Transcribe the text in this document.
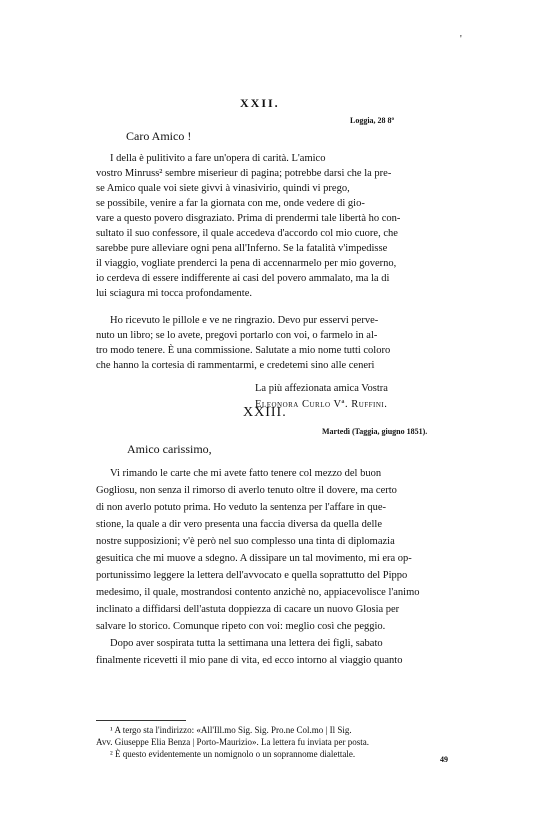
'
XXII.
Loggia, 28 8º
Caro Amico !
I della è pulitivito a fare un'opera di carità. L'amico
vostro Minruss² sembre miserieur di pagina; potrebbe darsi che la pre-
se Amico quale voi siete givvi à vinasivirio, quindi vi prego,
se possibile, venire a far la giornata con me, onde vedere di gio-
vare a questo povero disgraziato. Prima di prendermi tale libertà ho con-
sultato il suo confessore, il quale accedeva d'accordo col mio cuore, che
sarebbe pure alleviare ogni pena all'Inferno. Se la fatalità v'impedisse
il viaggio, vogliate prenderci la pena di accennarmelo per mio governo,
io cerdeva di essere indifferente ai casi del povero ammalato, ma la di
lui sciagura mi tocca profondamente.
Ho ricevuto le pillole e ve ne ringrazio. Devo pur esservi perve-
nuto un libro; se lo avete, pregovi portarlo con voi, o farmelo in al-
tro modo tenere. È una commissione. Salutate a mio nome tutti coloro
che hanno la cortesia di rammentarmi, e credetemi sino alle ceneri
La più affezionata amica Vostra
Eleonora Curlo Vª. Ruffini.
XXIII.
Martedì (Taggia, giugno 1851).
Amico carissimo,
Vi rimando le carte che mi avete fatto tenere col mezzo del buon
Gogliosu, non senza il rimorso di averlo tenuto oltre il dovere, ma certo
di non averlo potuto prima. Ho veduto la sentenza per l'affare in que-
stione, la quale a dir vero presenta una faccia diversa da quella delle
nostre supposizioni; v'è però nel suo complesso una tinta di diplomazia
gesuitica che mi muove a sdegno. A dissipare un tal movimento, mi era op-
portunissimo leggere la lettera dell'avvocato e quella soprattutto del Pippo
medesimo, il quale, mostrandosi contento anzichè no, appiacevolisce l'animo
inclinato a diffidarsi dell'astuta doppiezza di cacare un nuovo Glosia per
salvare lo storico. Comunque ripeto con voi: meglio così che peggio.
Dopo aver sospirata tutta la settimana una lettera dei figli, sabato
finalmente ricevetti il mio pane di vita, ed ecco intorno al viaggio quanto
¹ A tergo sta l'indirizzo: «All'Ill.mo Sig. Sig. Pro.ne Col.mo | Il Sig.
Avv. Giuseppe Elia Benza | Porto-Maurizio». La lettera fu inviata per posta.
² È questo evidentemente un nomignolo o un soprannome dialettale.
49
